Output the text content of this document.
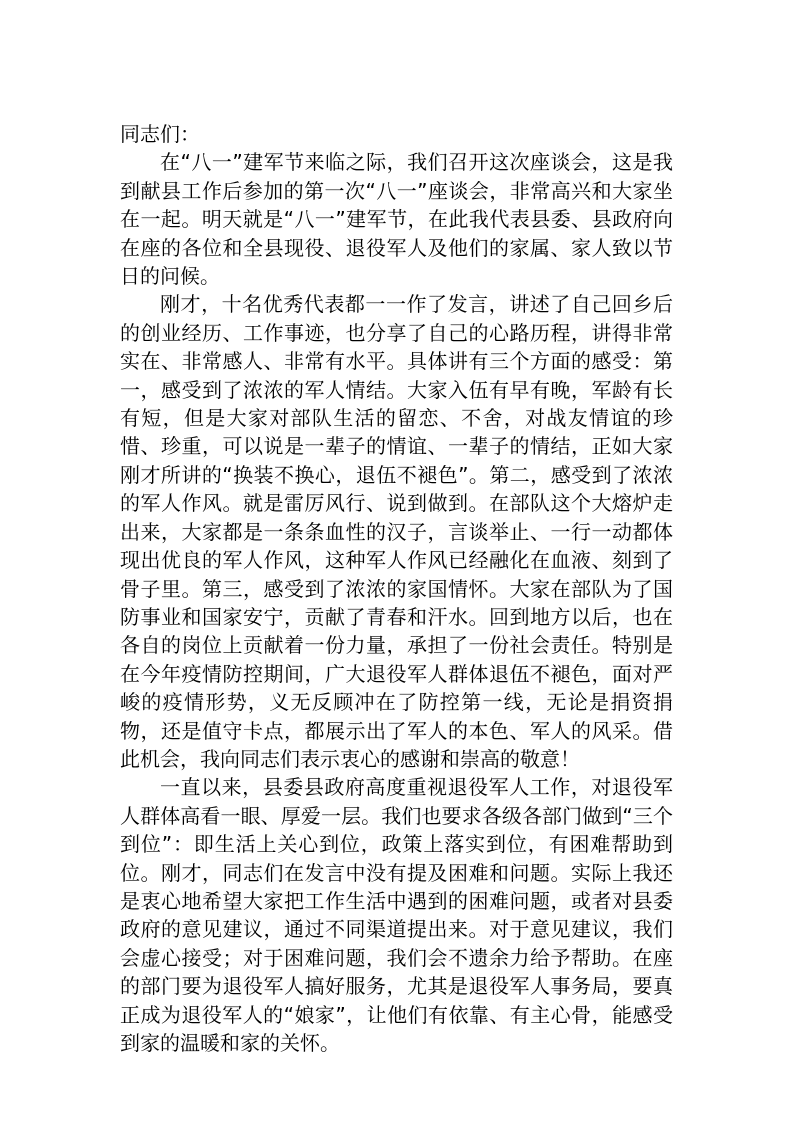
同志们：

在“八一”建军节来临之际，我们召开这次座谈会，这是我到献县工作后参加的第一次“八一”座谈会，非常高兴和大家坐在一起。明天就是“八一”建军节，在此我代表县委、县政府向在座的各位和全县现役、退役军人及他们的家属、家人致以节日的问候。

刚才，十名优秀代表都一一作了发言，讲述了自己回乡后的创业经历、工作事迹，也分享了自己的心路历程，讲得非常实在、非常感人、非常有水平。具体讲有三个方面的感受：第一，感受到了浓浓的军人情结。大家入伍有早有晚，军龄有长有短，但是大家对部队生活的留恋、不舍，对战友情谊的珍惜、珍重，可以说是一辈子的情谊、一辈子的情结，正如大家刚才所讲的“换装不换心，退伍不褪色”。第二，感受到了浓浓的军人作风。就是雷厉风行、说到做到。在部队这个大熔炉走出来，大家都是一条条血性的汉子，言谈举止、一行一动都体现出优良的军人作风，这种军人作风已经融化在血液、刻到了骨子里。第三，感受到了浓浓的家国情怀。大家在部队为了国防事业和国家安宁，贡献了青春和汗水。回到地方以后，也在各自的岗位上贡献着一份力量，承担了一份社会责任。特别是在今年疫情防控期间，广大退役军人群体退伍不褪色，面对严峻的疫情形势，义无反顾冲在了防控第一线，无论是捐资捐物，还是值守卡点，都展示出了军人的本色、军人的风采。借此机会，我向同志们表示衷心的感谢和崇高的敬意！

一直以来，县委县政府高度重视退役军人工作，对退役军人群体高看一眼、厚爱一层。我们也要求各级各部门做到“三个到位”：即生活上关心到位，政策上落实到位，有困难帮助到位。刚才，同志们在发言中没有提及困难和问题。实际上我还是衷心地希望大家把工作生活中遇到的困难问题，或者对县委政府的意见建议，通过不同渠道提出来。对于意见建议，我们会虚心接受；对于困难问题，我们会不遗余力给予帮助。在座的部门要为退役军人搞好服务，尤其是退役军人事务局，要真正成为退役军人的“娘家”，让他们有依靠、有主心骨，能感受到家的温暖和家的关怀。
